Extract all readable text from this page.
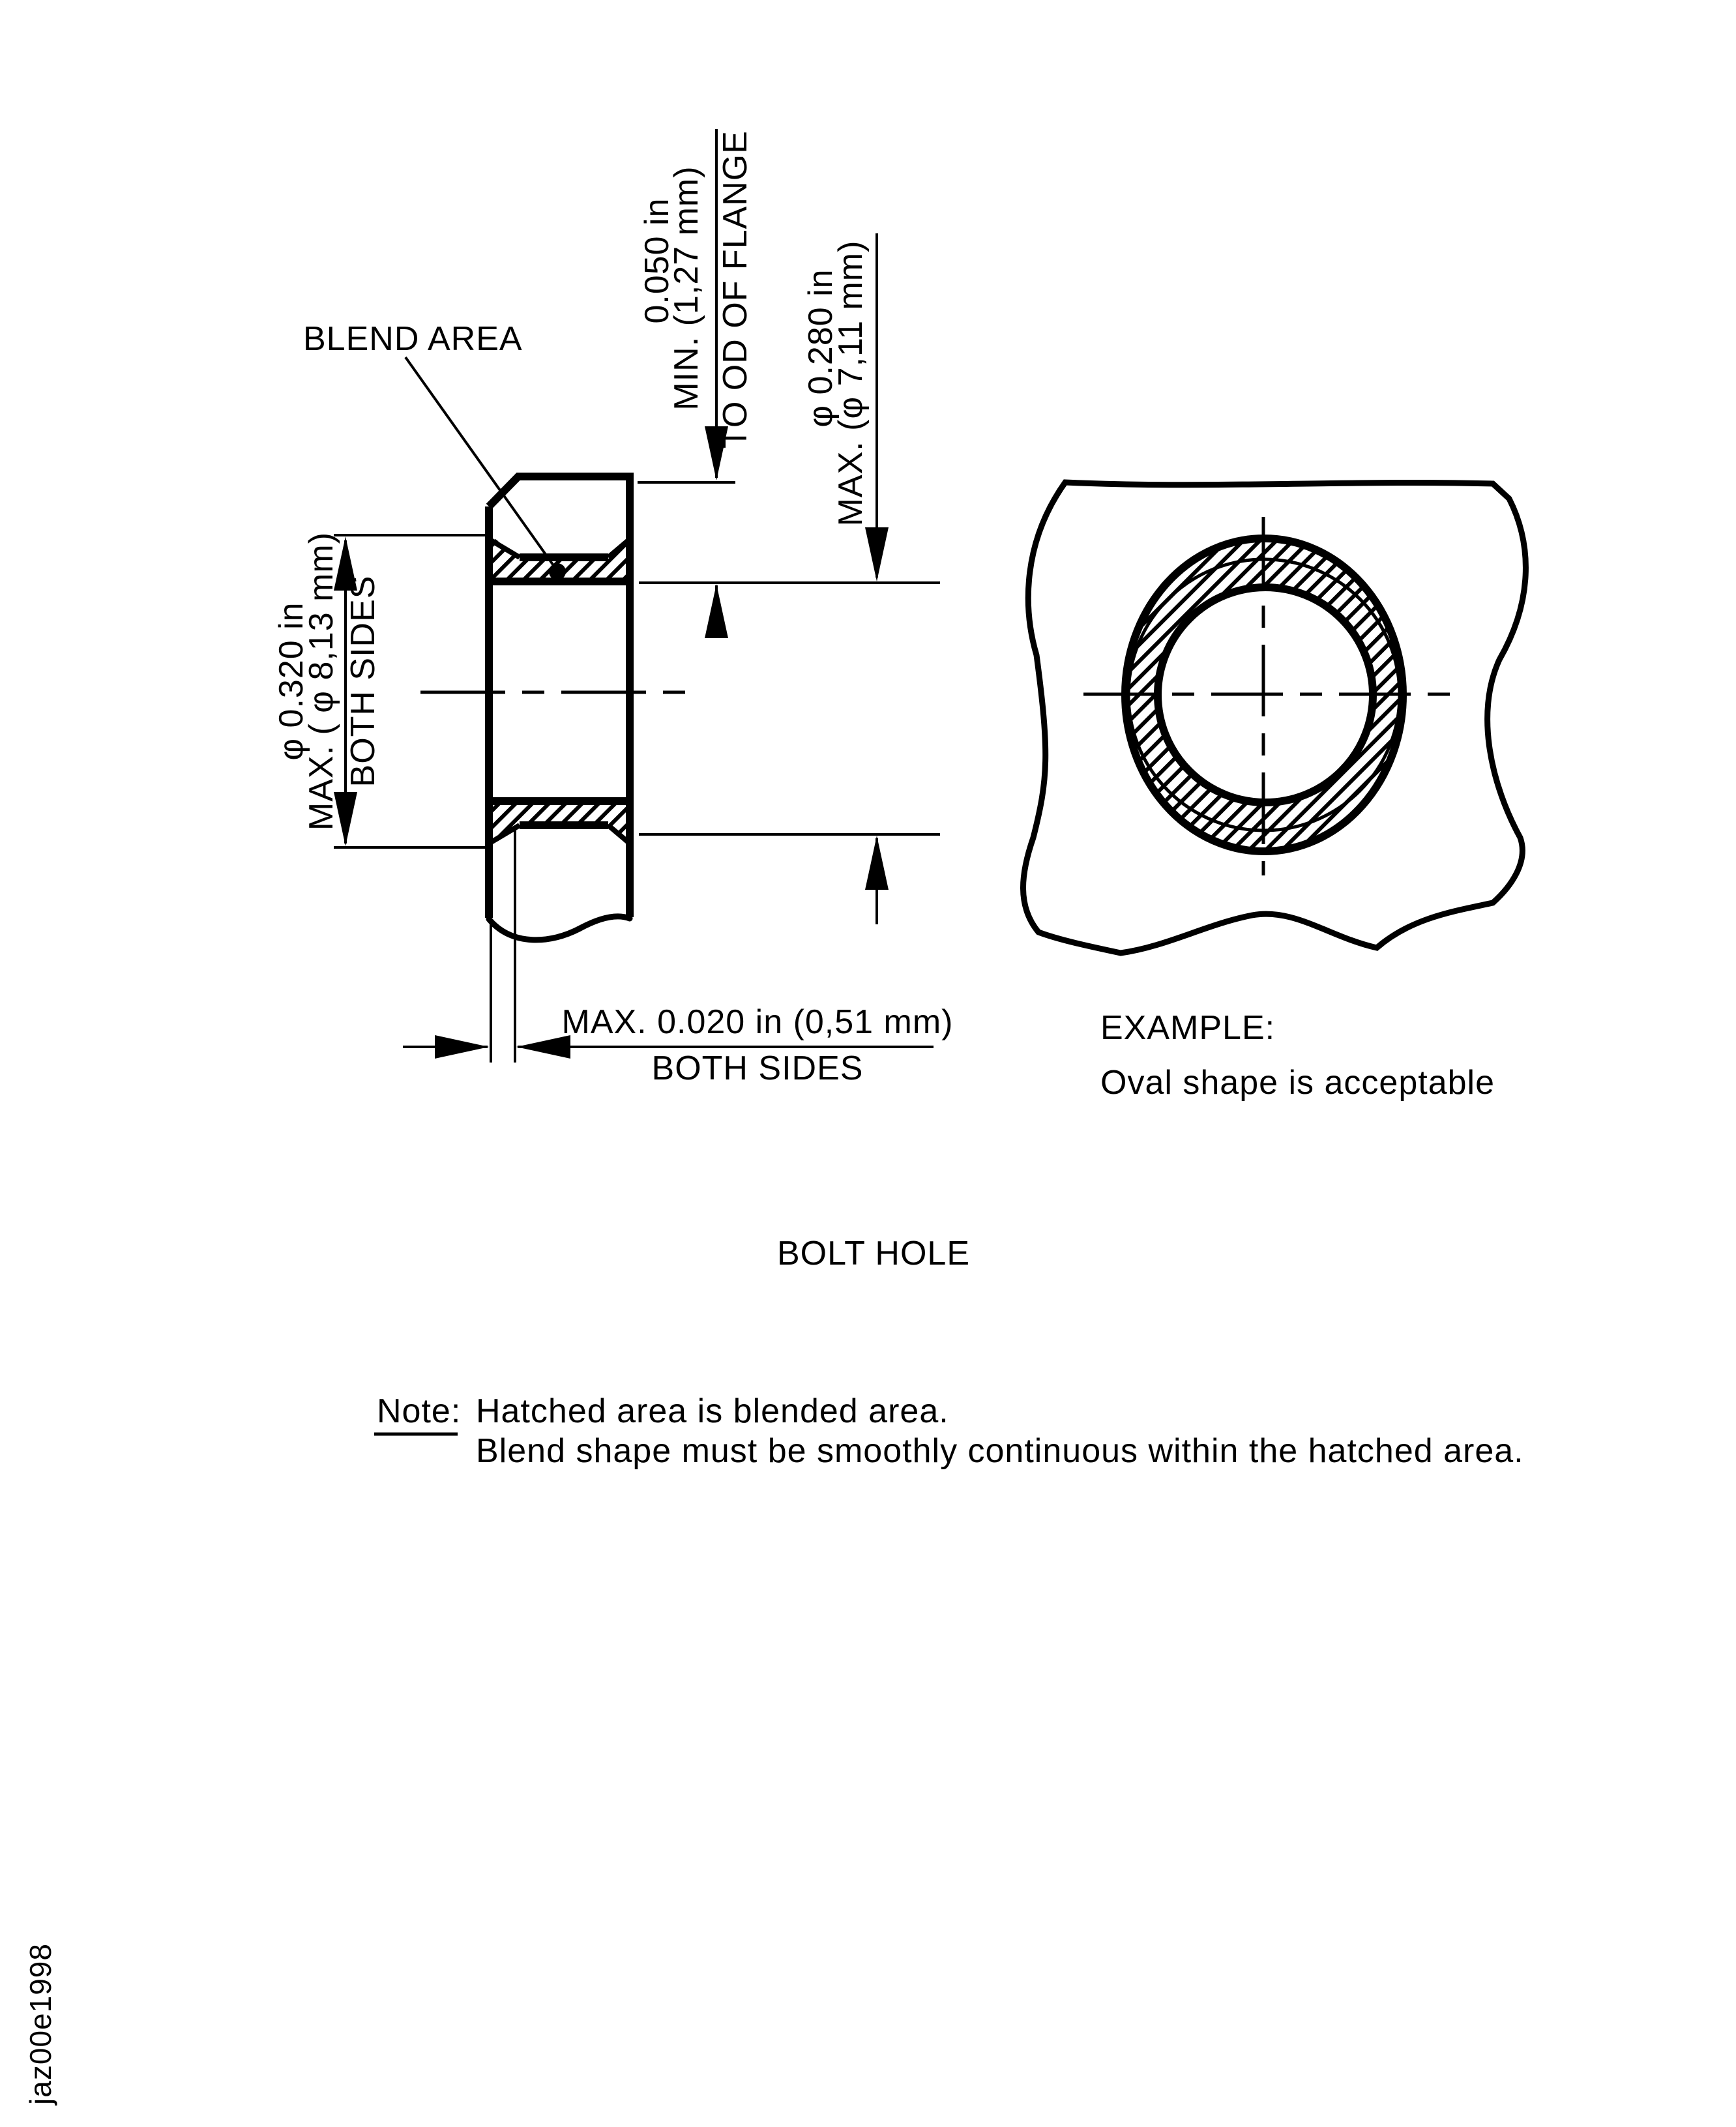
BLEND AREA
0.050 in
MIN. (1,27 mm) TO OD OF FLANGE φ 0.280 in
MAX. (φ 7,11 mm)
φ 0.320 in
MAX. ( φ 8,13 mm) BOTH SIDES
MAX. 0.020 in (0,51 mm)
BOTH SIDES
EXAMPLE:
Oval shape is acceptable
BOLT HOLE
Note: Hatched area is blended area.
Blend shape must be smoothly continuous within the hatched area.
jaz00e1998
